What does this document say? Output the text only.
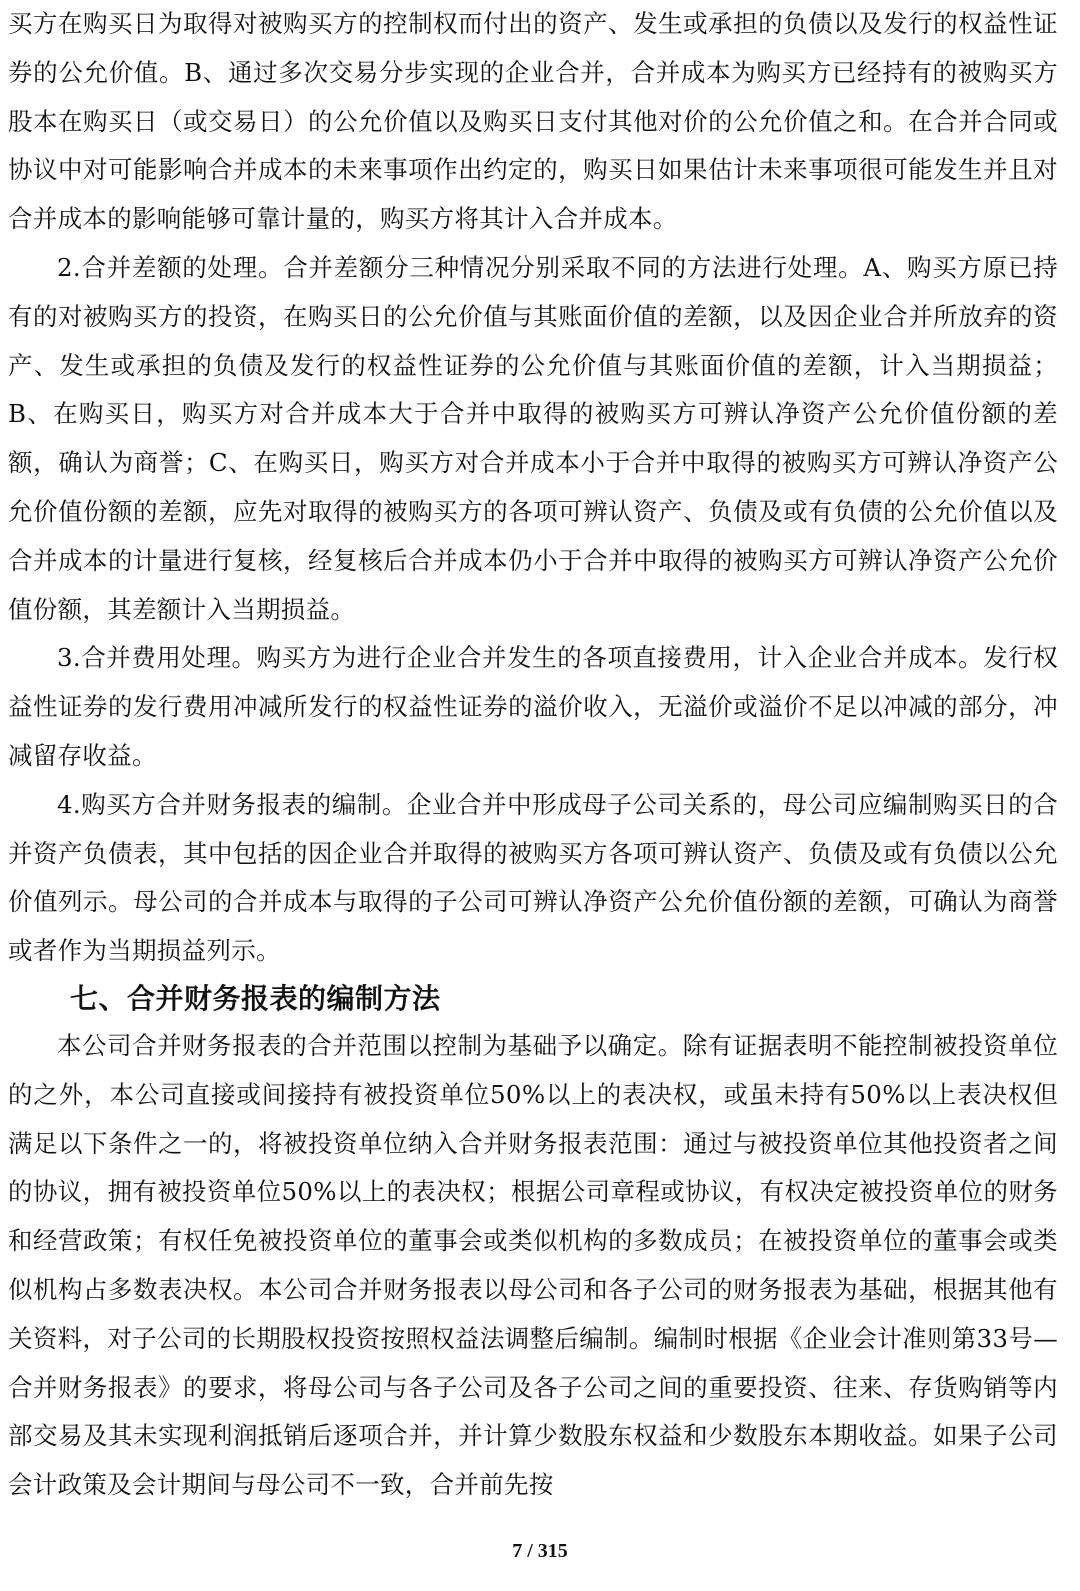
买方在购买日为取得对被购买方的控制权而付出的资产、发生或承担的负债以及发行的权益性证券的公允价值。B、通过多次交易分步实现的企业合并，合并成本为购买方已经持有的被购买方股本在购买日（或交易日）的公允价值以及购买日支付其他对价的公允价值之和。在合并合同或协议中对可能影响合并成本的未来事项作出约定的，购买日如果估计未来事项很可能发生并且对合并成本的影响能够可靠计量的，购买方将其计入合并成本。

2.合并差额的处理。合并差额分三种情况分别采取不同的方法进行处理。A、购买方原已持有的对被购买方的投资，在购买日的公允价值与其账面价值的差额，以及因企业合并所放弃的资产、发生或承担的负债及发行的权益性证券的公允价值与其账面价值的差额，计入当期损益；B、在购买日，购买方对合并成本大于合并中取得的被购买方可辨认净资产公允价值份额的差额，确认为商誉；C、在购买日，购买方对合并成本小于合并中取得的被购买方可辨认净资产公允价值份额的差额，应先对取得的被购买方的各项可辨认资产、负债及或有负债的公允价值以及合并成本的计量进行复核，经复核后合并成本仍小于合并中取得的被购买方可辨认净资产公允价值份额，其差额计入当期损益。

3.合并费用处理。购买方为进行企业合并发生的各项直接费用，计入企业合并成本。发行权益性证券的发行费用冲减所发行的权益性证券的溢价收入，无溢价或溢价不足以冲减的部分，冲减留存收益。

4.购买方合并财务报表的编制。企业合并中形成母子公司关系的，母公司应编制购买日的合并资产负债表，其中包括的因企业合并取得的被购买方各项可辨认资产、负债及或有负债以公允价值列示。母公司的合并成本与取得的子公司可辨认净资产公允价值份额的差额，可确认为商誉或者作为当期损益列示。

七、合并财务报表的编制方法

本公司合并财务报表的合并范围以控制为基础予以确定。除有证据表明不能控制被投资单位的之外，本公司直接或间接持有被投资单位50%以上的表决权，或虽未持有50%以上表决权但满足以下条件之一的，将被投资单位纳入合并财务报表范围：通过与被投资单位其他投资者之间的协议，拥有被投资单位50%以上的表决权；根据公司章程或协议，有权决定被投资单位的财务和经营政策；有权任免被投资单位的董事会或类似机构的多数成员；在被投资单位的董事会或类似机构占多数表决权。本公司合并财务报表以母公司和各子公司的财务报表为基础，根据其他有关资料，对子公司的长期股权投资按照权益法调整后编制。编制时根据《企业会计准则第33号—合并财务报表》的要求，将母公司与各子公司及各子公司之间的重要投资、往来、存货购销等内部交易及其未实现利润抵销后逐项合并，并计算少数股东权益和少数股东本期收益。如果子公司会计政策及会计期间与母公司不一致，合并前先按

7 / 315
